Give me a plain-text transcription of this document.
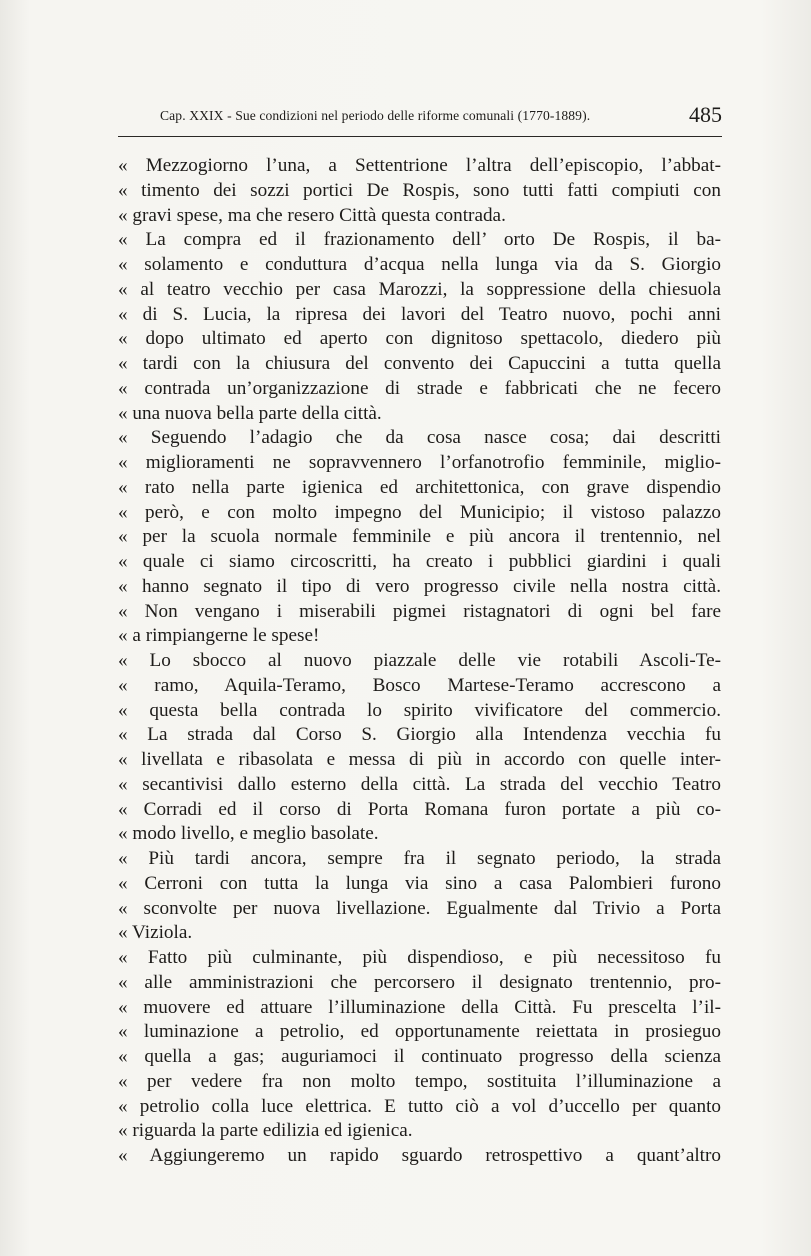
Cap. XXIX - Sue condizioni nel periodo delle riforme comunali (1770-1889).	485
« Mezzogiorno l’una, a Settentrione l’altra dell’episcopio, l’abbat-
« timento dei sozzi portici De Rospis, sono tutti fatti compiuti con
« gravi spese, ma che resero Città questa contrada.
« La compra ed il frazionamento dell’ orto De Rospis, il ba-
« solamento e conduttura d’acqua nella lunga via da S. Giorgio
« al teatro vecchio per casa Marozzi, la soppressione della chiesuola
« di S. Lucia, la ripresa dei lavori del Teatro nuovo, pochi anni
« dopo ultimato ed aperto con dignitoso spettacolo, diedero più
« tardi con la chiusura del convento dei Capuccini a tutta quella
« contrada un’organizzazione di strade e fabbricati che ne fecero
« una nuova bella parte della città.
« Seguendo l’adagio che da cosa nasce cosa; dai descritti
« miglioramenti ne sopravvennero l’orfanotrofio femminile, miglio-
« rato nella parte igienica ed architettonica, con grave dispendio
« però, e con molto impegno del Municipio; il vistoso palazzo
« per la scuola normale femminile e più ancora il trentennio, nel
« quale ci siamo circoscritti, ha creato i pubblici giardini i quali
« hanno segnato il tipo di vero progresso civile nella nostra città.
« Non vengano i miserabili pigmei ristagnatori di ogni bel fare
« a rimpiangerne le spese!
« Lo sbocco al nuovo piazzale delle vie rotabili Ascoli-Te-
« ramo, Aquila-Teramo, Bosco Martese-Teramo accrescono a
« questa bella contrada lo spirito vivificatore del commercio.
« La strada dal Corso S. Giorgio alla Intendenza vecchia fu
« livellata e ribasolata e messa di più in accordo con quelle inter-
« secantivisi dallo esterno della città. La strada del vecchio Teatro
« Corradi ed il corso di Porta Romana furon portate a più co-
« modo livello, e meglio basolate.
« Più tardi ancora, sempre fra il segnato periodo, la strada
« Cerroni con tutta la lunga via sino a casa Palombieri furono
« sconvolte per nuova livellazione. Egualmente dal Trivio a Porta
« Viziola.
« Fatto più culminante, più dispendioso, e più necessitoso fu
« alle amministrazioni che percorsero il designato trentennio, pro-
« muovere ed attuare l’illuminazione della Città. Fu prescelta l’il-
« luminazione a petrolio, ed opportunamente reiettata in prosieguo
« quella a gas; auguriamoci il continuato progresso della scienza
« per vedere fra non molto tempo, sostituita l’illuminazione a
« petrolio colla luce elettrica. E tutto ciò a vol d’uccello per quanto
« riguarda la parte edilizia ed igienica.
« Aggiungeremo un rapido sguardo retrospettivo a quant’altro
